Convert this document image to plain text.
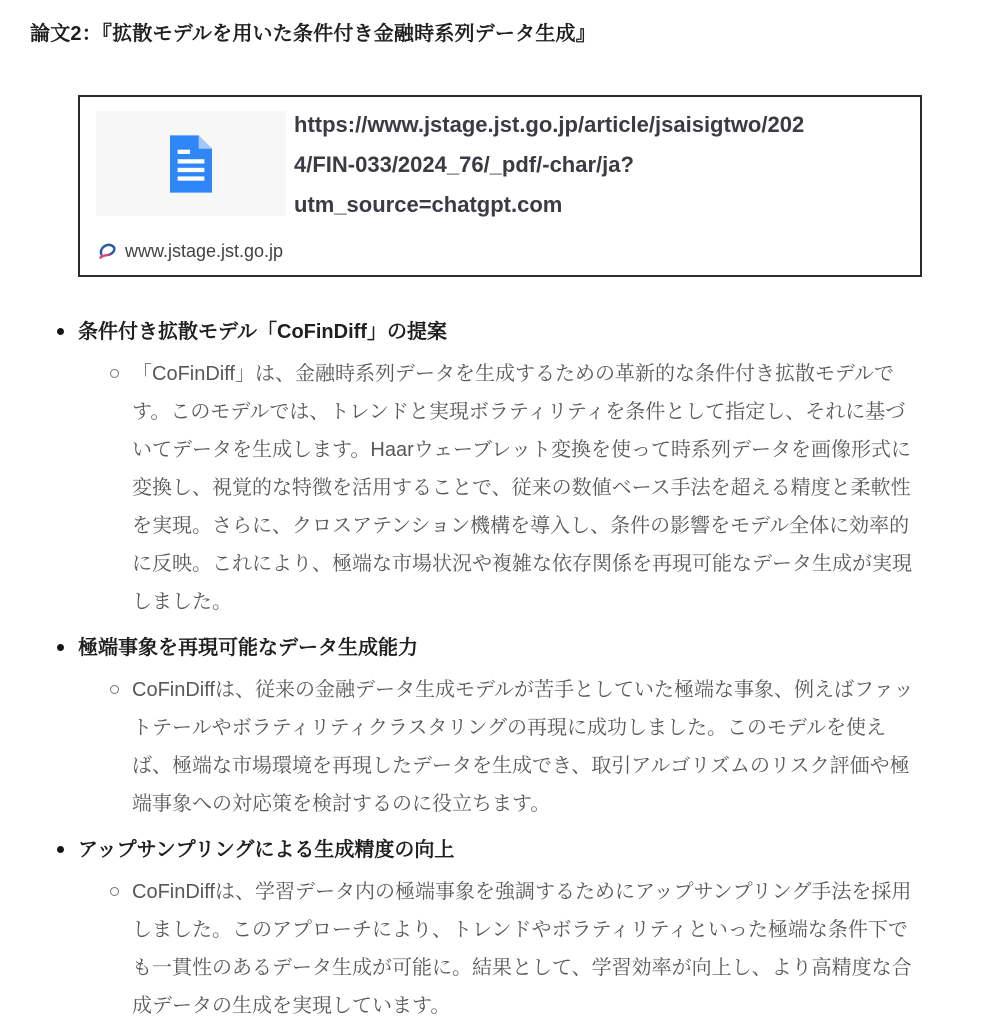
論文2：『拡散モデルを用いた条件付き金融時系列データ生成』
https://www.jstage.jst.go.jp/article/jsaisigtwo/202
4/FIN-033/2024_76/_pdf/-char/ja?
utm_source=chatgpt.com
www.jstage.jst.go.jp
条件付き拡散モデル「CoFinDiff」の提案

「CoFinDiff」は、金融時系列データを生成するための革新的な条件付き拡散モデルです。このモデルでは、トレンドと実現ボラティリティを条件として指定し、それに基づいてデータを生成します。Haarウェーブレット変換を使って時系列データを画像形式に変換し、視覚的な特徴を活用することで、従来の数値ベース手法を超える精度と柔軟性を実現。さらに、クロスアテンション機構を導入し、条件の影響をモデル全体に効率的に反映。これにより、極端な市場状況や複雑な依存関係を再現可能なデータ生成が実現しました。

極端事象を再現可能なデータ生成能力

CoFinDiffは、従来の金融データ生成モデルが苦手としていた極端な事象、例えばファットテールやボラティリティクラスタリングの再現に成功しました。このモデルを使えば、極端な市場環境を再現したデータを生成でき、取引アルゴリズムのリスク評価や極端事象への対応策を検討するのに役立ちます。

アップサンプリングによる生成精度の向上

CoFinDiffは、学習データ内の極端事象を強調するためにアップサンプリング手法を採用しました。このアプローチにより、トレンドやボラティリティといった極端な条件下でも一貫性のあるデータ生成が可能に。結果として、学習効率が向上し、より高精度な合成データの生成を実現しています。
